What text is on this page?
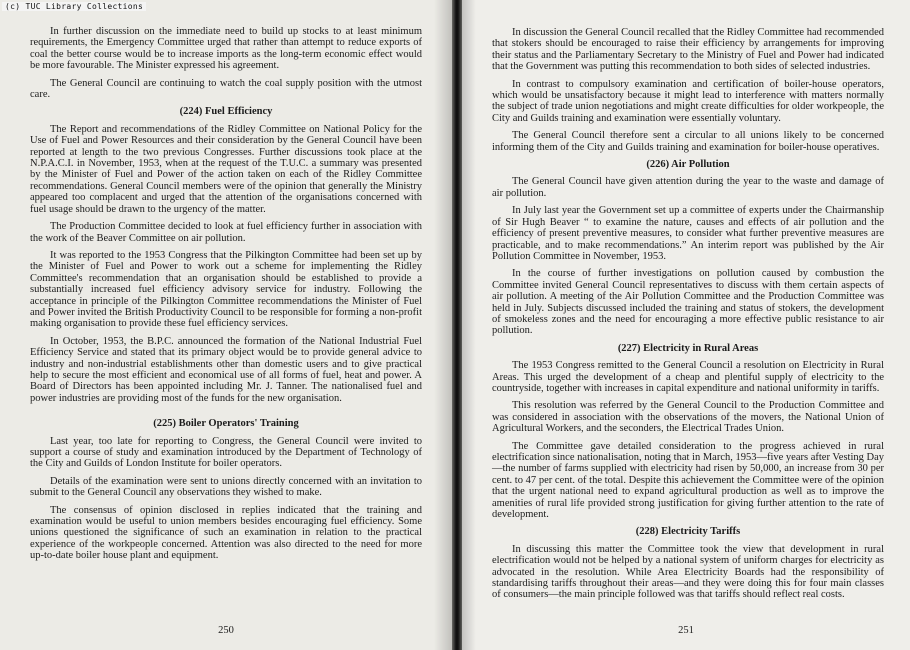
(c) TUC Library Collections

In further discussion on the immediate need to build up stocks to at least minimum requirements, the Emergency Committee urged that rather than attempt to reduce exports of coal the better course would be to increase imports as the long-term economic effect would be more favourable. The Minister expressed his agreement.

The General Council are continuing to watch the coal supply position with the utmost care.

(224) Fuel Efficiency

The Report and recommendations of the Ridley Committee on National Policy for the Use of Fuel and Power Resources and their consideration by the General Council have been reported at length to the two previous Congresses. Further discussions took place at the N.P.A.C.I. in November, 1953, when at the request of the T.U.C. a summary was presented by the Minister of Fuel and Power of the action taken on each of the Ridley Committee recommendations. General Council members were of the opinion that generally the Ministry appeared too complacent and urged that the attention of the organisations concerned with fuel usage should be drawn to the urgency of the matter.

The Production Committee decided to look at fuel efficiency further in association with the work of the Beaver Committee on air pollution.

It was reported to the 1953 Congress that the Pilkington Committee had been set up by the Minister of Fuel and Power to work out a scheme for implementing the Ridley Committee's recommendation that an organisation should be established to provide a substantially increased fuel efficiency advisory service for industry. Following the acceptance in principle of the Pilkington Committee recommendations the Minister of Fuel and Power invited the British Productivity Council to be responsible for forming a non-profit making organisation to provide these fuel efficiency services.

In October, 1953, the B.P.C. announced the formation of the National Industrial Fuel Efficiency Service and stated that its primary object would be to provide general advice to industry and non-industrial establishments other than domestic users and to give practical help to secure the most efficient and economical use of all forms of fuel, heat and power. A Board of Directors has been appointed including Mr. J. Tanner. The nationalised fuel and power industries are providing most of the funds for the new organisation.

(225) Boiler Operators' Training

Last year, too late for reporting to Congress, the General Council were invited to support a course of study and examination introduced by the Department of Technology of the City and Guilds of London Institute for boiler operators.

Details of the examination were sent to unions directly concerned with an invitation to submit to the General Council any observations they wished to make.

The consensus of opinion disclosed in replies indicated that the training and examination would be useful to union members besides encouraging fuel efficiency. Some unions questioned the significance of such an examination in relation to the practical experience of the workpeople concerned. Attention was also directed to the need for more up-to-date boiler house plant and equipment.

250

In discussion the General Council recalled that the Ridley Committee had recommended that stokers should be encouraged to raise their efficiency by arrangements for improving their status and the Parliamentary Secretary to the Ministry of Fuel and Power had indicated that the Government was putting this recommendation to both sides of selected industries.

In contrast to compulsory examination and certification of boiler-house operators, which would be unsatisfactory because it might lead to interference with matters normally the subject of trade union negotiations and might create difficulties for older workpeople, the City and Guilds training and examination were essentially voluntary.

The General Council therefore sent a circular to all unions likely to be concerned informing them of the City and Guilds training and examination for boiler-house operatives.

(226) Air Pollution

The General Council have given attention during the year to the waste and damage of air pollution.

In July last year the Government set up a committee of experts under the Chairmanship of Sir Hugh Beaver “ to examine the nature, causes and effects of air pollution and the efficiency of present preventive measures, to consider what further preventive measures are practicable, and to make recommendations.” An interim report was published by the Air Pollution Committee in November, 1953.

In the course of further investigations on pollution caused by combustion the Committee invited General Council representatives to discuss with them certain aspects of air pollution. A meeting of the Air Pollution Committee and the Production Committee was held in July. Subjects discussed included the training and status of stokers, the development of smokeless zones and the need for encouraging a more effective public resistance to air pollution.

(227) Electricity in Rural Areas

The 1953 Congress remitted to the General Council a resolution on Electricity in Rural Areas. This urged the development of a cheap and plentiful supply of electricity to the countryside, together with increases in capital expenditure and national uniformity in tariffs.

This resolution was referred by the General Council to the Production Committee and was considered in association with the observations of the movers, the National Union of Agricultural Workers, and the seconders, the Electrical Trades Union.

The Committee gave detailed consideration to the progress achieved in rural electrification since nationalisation, noting that in March, 1953—five years after Vesting Day—the number of farms supplied with electricity had risen by 50,000, an increase from 30 per cent. to 47 per cent. of the total. Despite this achievement the Committee were of the opinion that the urgent national need to expand agricultural production as well as to improve the amenities of rural life provided strong justification for giving further attention to the rate of development.

(228) Electricity Tariffs

In discussing this matter the Committee took the view that development in rural electrification would not be helped by a national system of uniform charges for electricity as advocated in the resolution. While Area Electricity Boards had the responsibility of standardising tariffs throughout their areas—and they were doing this for four main classes of consumers—the main principle followed was that tariffs should reflect real costs.

251
